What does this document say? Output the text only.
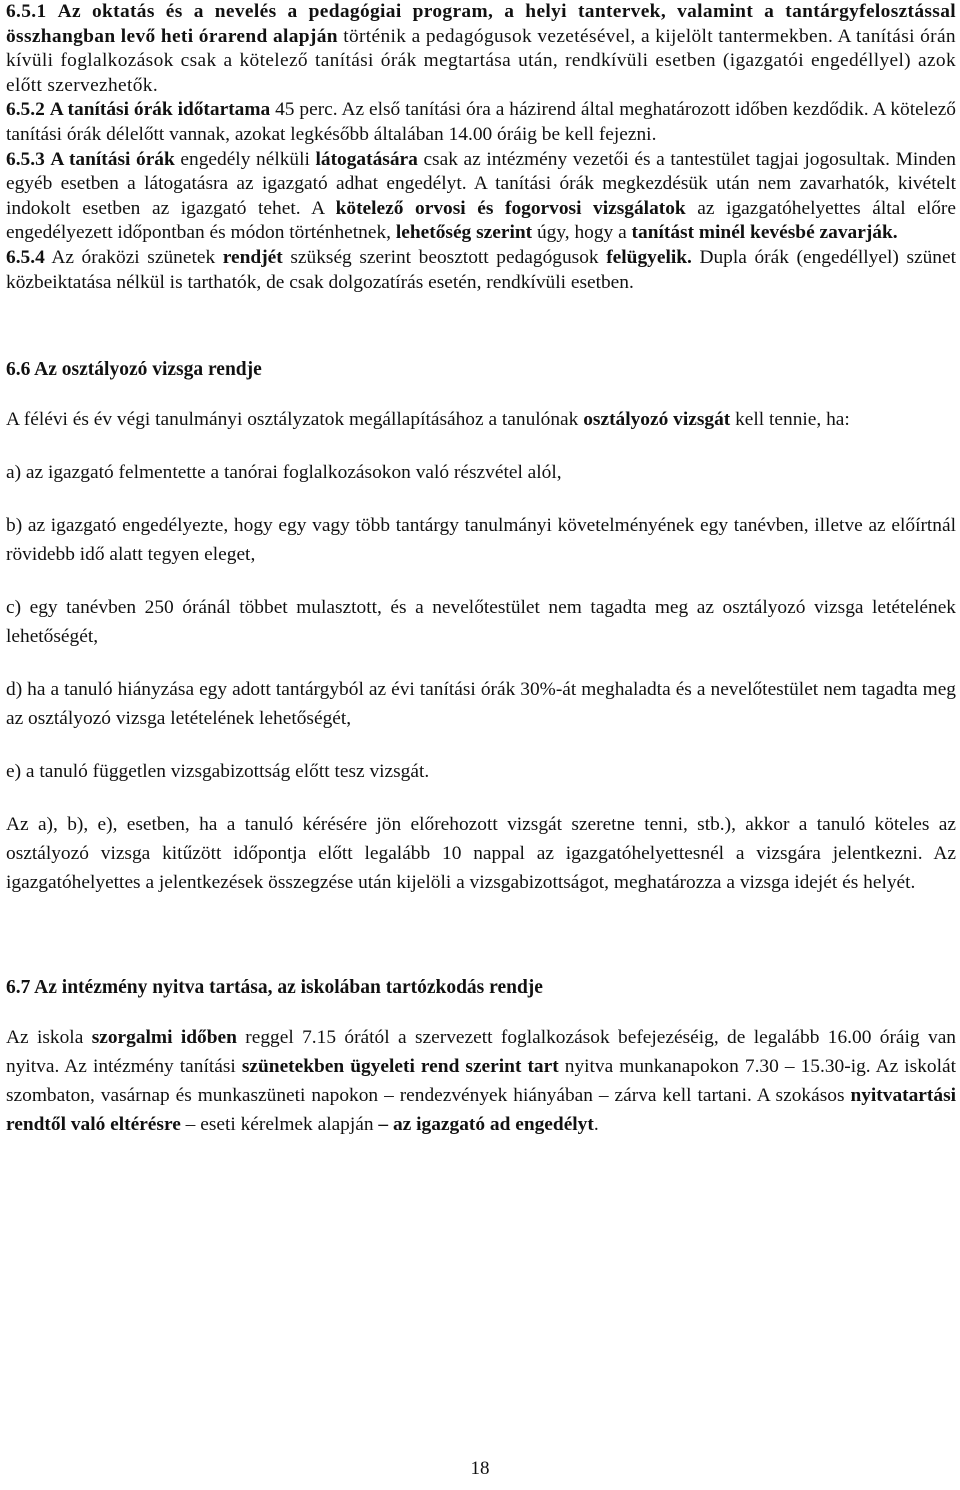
6.5.1 Az oktatás és a nevelés a pedagógiai program, a helyi tantervek, valamint a tantárgyfelosztással összhangban levő heti órarend alapján történik a pedagógusok vezetésével, a kijelölt tantermekben. A tanítási órán kívüli foglalkozások csak a kötelező tanítási órák megtartása után, rendkívüli esetben (igazgatói engedéllyel) azok előtt szervezhetők.

6.5.2 A tanítási órák időtartama 45 perc. Az első tanítási óra a házirend által meghatározott időben kezdődik. A kötelező tanítási órák délelőtt vannak, azokat legkésőbb általában 14.00 óráig be kell fejezni.

6.5.3 A tanítási órák engedély nélküli látogatására csak az intézmény vezetői és a tantestület tagjai jogosultak. Minden egyéb esetben a látogatásra az igazgató adhat engedélyt. A tanítási órák megkezdésük után nem zavarhatók, kivételt indokolt esetben az igazgató tehet. A kötelező orvosi és fogorvosi vizsgálatok az igazgatóhelyettes által előre engedélyezett időpontban és módon történhetnek, lehetőség szerint úgy, hogy a tanítást minél kevésbé zavarják.

6.5.4 Az óraközi szünetek rendjét szükség szerint beosztott pedagógusok felügyelik. Dupla órák (engedéllyel) szünet közbeiktatása nélkül is tarthatók, de csak dolgozatírás esetén, rendkívüli esetben.

6.6 Az osztályozó vizsga rendje

A félévi és év végi tanulmányi osztályzatok megállapításához a tanulónak osztályozó vizsgát kell tennie, ha:

a) az igazgató felmentette a tanórai foglalkozásokon való részvétel alól,

b) az igazgató engedélyezte, hogy egy vagy több tantárgy tanulmányi követelményének egy tanévben, illetve az előírtnál rövidebb idő alatt tegyen eleget,

c) egy tanévben 250 óránál többet mulasztott, és a nevelőtestület nem tagadta meg az osztályozó vizsga letételének lehetőségét,

d) ha a tanuló hiányzása egy adott tantárgyból az évi tanítási órák 30%-át meghaladta és a nevelőtestület nem tagadta meg az osztályozó vizsga letételének lehetőségét,

e) a tanuló független vizsgabizottság előtt tesz vizsgát.

Az a), b), e), esetben, ha a tanuló kérésére jön előrehozott vizsgát szeretne tenni, stb.), akkor a tanuló köteles az osztályozó vizsga kitűzött időpontja előtt legalább 10 nappal az igazgatóhelyettesnél a vizsgára jelentkezni. Az igazgatóhelyettes a jelentkezések összegzése után kijelöli a vizsgabizottságot, meghatározza a vizsga idejét és helyét.

6.7 Az intézmény nyitva tartása, az iskolában tartózkodás rendje

Az iskola szorgalmi időben reggel 7.15 órától a szervezett foglalkozások befejezéséig, de legalább 16.00 óráig van nyitva. Az intézmény tanítási szünetekben ügyeleti rend szerint tart nyitva munkanapokon 7.30 – 15.30-ig. Az iskolát szombaton, vasárnap és munkaszüneti napokon – rendezvények hiányában – zárva kell tartani. A szokásos nyitvatartási rendtől való eltérésre – eseti kérelmek alapján – az igazgató ad engedélyt.

18
